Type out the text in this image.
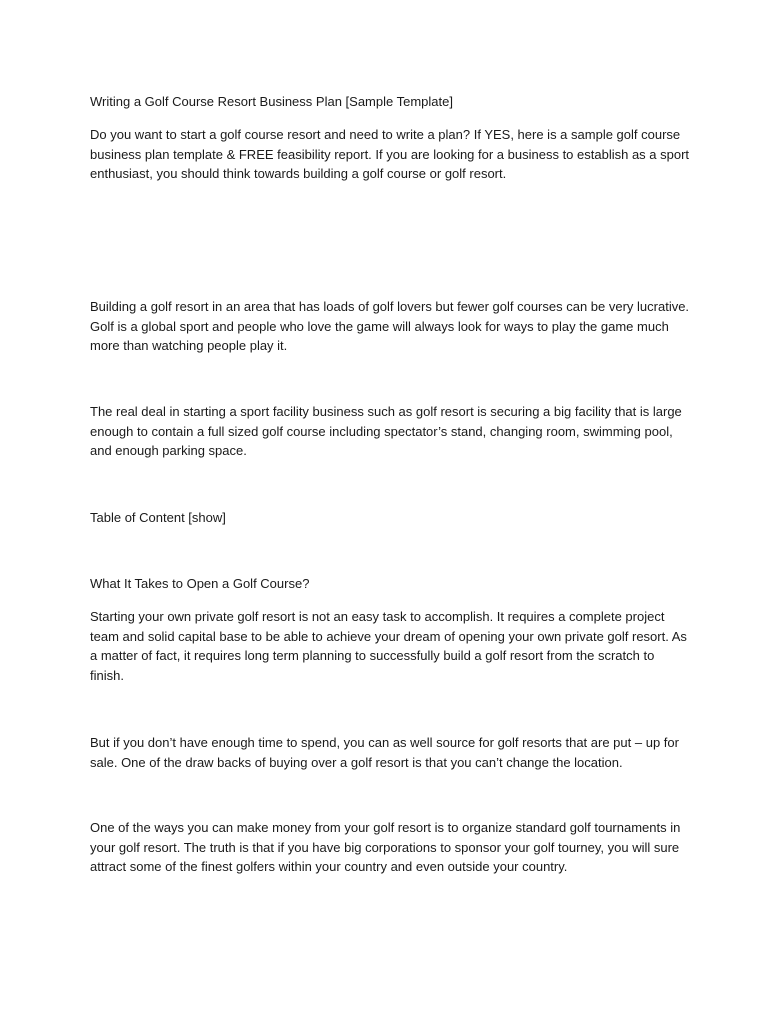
Writing a Golf Course Resort Business Plan [Sample Template]

Do you want to start a golf course resort and need to write a plan? If YES, here is a sample golf course
business plan template & FREE feasibility report. If you are looking for a business to establish as a sport
enthusiast, you should think towards building a golf course or golf resort.

Building a golf resort in an area that has loads of golf lovers but fewer golf courses can be very lucrative.
Golf is a global sport and people who love the game will always look for ways to play the game much
more than watching people play it.

The real deal in starting a sport facility business such as golf resort is securing a big facility that is large
enough to contain a full sized golf course including spectator’s stand, changing room, swimming pool,
and enough parking space.

Table of Content [show]

What It Takes to Open a Golf Course?

Starting your own private golf resort is not an easy task to accomplish. It requires a complete project
team and solid capital base to be able to achieve your dream of opening your own private golf resort. As
a matter of fact, it requires long term planning to successfully build a golf resort from the scratch to
finish.

But if you don’t have enough time to spend, you can as well source for golf resorts that are put – up for
sale. One of the draw backs of buying over a golf resort is that you can’t change the location.

One of the ways you can make money from your golf resort is to organize standard golf tournaments in
your golf resort. The truth is that if you have big corporations to sponsor your golf tourney, you will sure
attract some of the finest golfers within your country and even outside your country.
